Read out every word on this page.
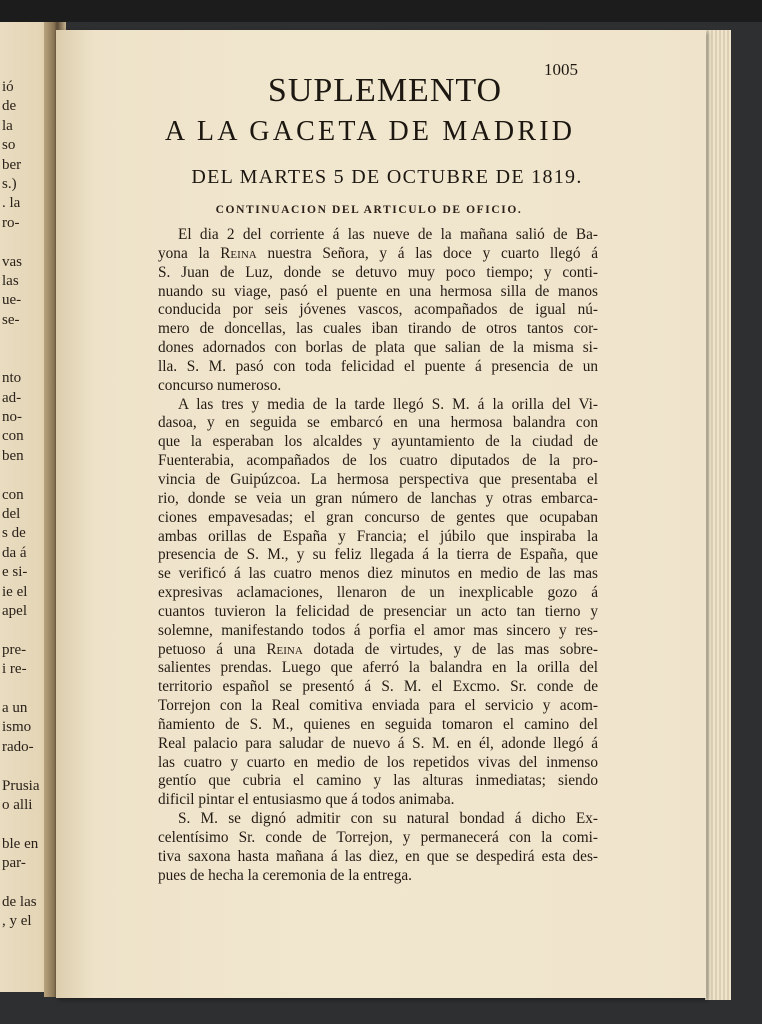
ió
de
la
so
ber
s.)
. la
ro-

vas
las
ue-
se-

nto
ad-
no-
con
ben

con
del
s de
da á
e si-
ie el
apel

pre-
i re-

a un
ismo
rado-

Prusia
o alli

ble en
par-

de las
, y el
1005
SUPLEMENTO
A LA GACETA DE MADRID
DEL MARTES 5 DE OCTUBRE DE 1819.
CONTINUACION DEL ARTICULO DE OFICIO.
El dia 2 del corriente á las nueve de la mañana salió de Ba-
yona la Reina nuestra Señora, y á las doce y cuarto llegó á
S. Juan de Luz, donde se detuvo muy poco tiempo; y conti-
nuando su viage, pasó el puente en una hermosa silla de manos
conducida por seis jóvenes vascos, acompañados de igual nú-
mero de doncellas, las cuales iban tirando de otros tantos cor-
dones adornados con borlas de plata que salian de la misma si-
lla. S. M. pasó con toda felicidad el puente á presencia de un
concurso numeroso.
A las tres y media de la tarde llegó S. M. á la orilla del Vi-
dasoa, y en seguida se embarcó en una hermosa balandra con
que la esperaban los alcaldes y ayuntamiento de la ciudad de
Fuenterabia, acompañados de los cuatro diputados de la pro-
vincia de Guipúzcoa. La hermosa perspectiva que presentaba el
rio, donde se veia un gran número de lanchas y otras embarca-
ciones empavesadas; el gran concurso de gentes que ocupaban
ambas orillas de España y Francia; el júbilo que inspiraba la
presencia de S. M., y su feliz llegada á la tierra de España, que
se verificó á las cuatro menos diez minutos en medio de las mas
expresivas aclamaciones, llenaron de un inexplicable gozo á
cuantos tuvieron la felicidad de presenciar un acto tan tierno y
solemne, manifestando todos á porfia el amor mas sincero y res-
petuoso á una Reina dotada de virtudes, y de las mas sobre-
salientes prendas. Luego que aferró la balandra en la orilla del
territorio español se presentó á S. M. el Excmo. Sr. conde de
Torrejon con la Real comitiva enviada para el servicio y acom-
ñamiento de S. M., quienes en seguida tomaron el camino del
Real palacio para saludar de nuevo á S. M. en él, adonde llegó á
las cuatro y cuarto en medio de los repetidos vivas del inmenso
gentío que cubria el camino y las alturas inmediatas; siendo
dificil pintar el entusiasmo que á todos animaba.
S. M. se dignó admitir con su natural bondad á dicho Ex-
celentísimo Sr. conde de Torrejon, y permanecerá con la comi-
tiva saxona hasta mañana á las diez, en que se despedirá esta des-
pues de hecha la ceremonia de la entrega.
